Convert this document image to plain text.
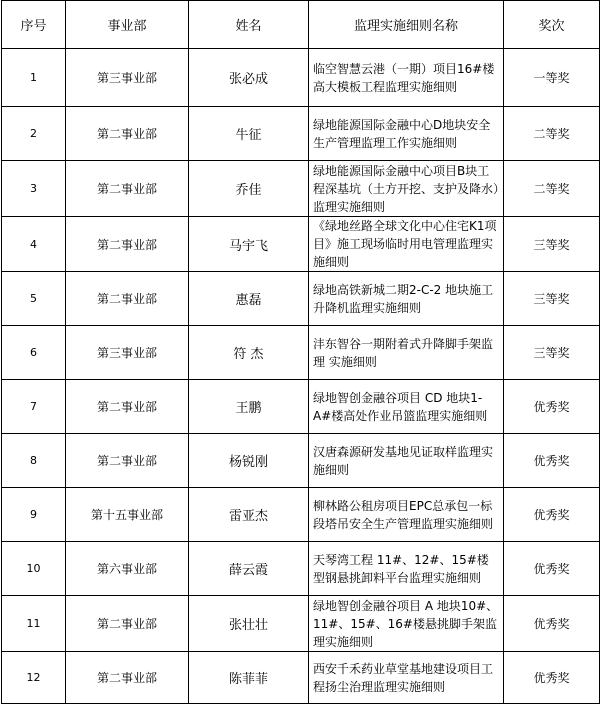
序号	事业部	姓名	监理实施细则名称	奖次
1	第三事业部	张必成	临空智慧云港（一期）项目16#楼高大模板工程监理实施细则	一等奖
2	第二事业部	牛征	绿地能源国际金融中心D地块安全生产管理监理工作实施细则	二等奖
3	第二事业部	乔佳	绿地能源国际金融中心项目B块工程深基坑（土方开挖、支护及降水）监理实施细则	二等奖
4	第二事业部	马宇飞	《绿地丝路全球文化中心住宅K1项目》施工现场临时用电管理监理实施细则	三等奖
5	第二事业部	惠磊	绿地高铁新城二期2-C-2 地块施工升降机监理实施细则	三等奖
6	第三事业部	符 杰	沣东智谷一期附着式升降脚手架监理 实施细则	三等奖
7	第二事业部	王鹏	绿地智创金融谷项目 CD 地块1-A#楼高处作业吊篮监理实施细则	优秀奖
8	第二事业部	杨锐刚	汉唐森源研发基地见证取样监理实施细则	优秀奖
9	第十五事业部	雷亚杰	柳林路公租房项目EPC总承包一标段塔吊安全生产管理监理实施细则	优秀奖
10	第六事业部	薛云霞	天琴湾工程 11#、12#、15#楼型钢悬挑卸料平台监理实施细则	优秀奖
11	第二事业部	张壮壮	绿地智创金融谷项目 A 地块10#、11#、15#、16#楼悬挑脚手架监理实施细则	优秀奖
12	第二事业部	陈菲菲	西安千禾药业草堂基地建设项目工程扬尘治理监理实施细则	优秀奖
